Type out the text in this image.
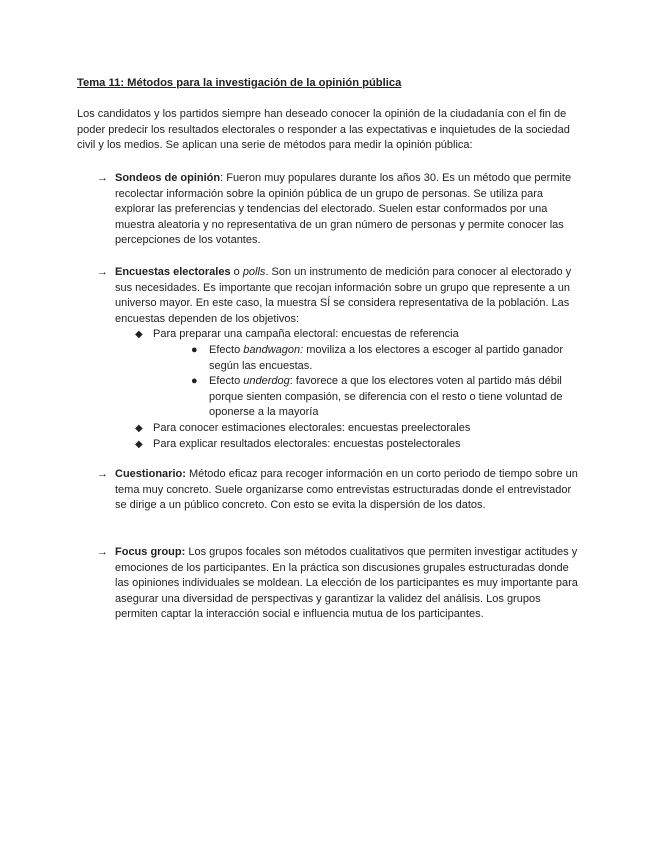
Tema 11: Métodos para la investigación de la opinión pública

Los candidatos y los partidos siempre han deseado conocer la opinión de la ciudadanía con el fin de poder predecir los resultados electorales o responder a las expectativas e inquietudes de la sociedad civil y los medios. Se aplican una serie de métodos para medir la opinión pública:

→ Sondeos de opinión: Fueron muy populares durante los años 30. Es un método que permite recolectar información sobre la opinión pública de un grupo de personas. Se utiliza para explorar las preferencias y tendencias del electorado. Suelen estar conformados por una muestra aleatoria y no representativa de un gran número de personas y permite conocer las percepciones de los votantes.
→ Encuestas electorales o polls. Son un instrumento de medición para conocer al electorado y sus necesidades. Es importante que recojan información sobre un grupo que represente a un universo mayor. En este caso, la muestra SÍ se considera representativa de la población. Las encuestas dependen de los objetivos:
◆ Para preparar una campaña electoral: encuestas de referencia
● Efecto bandwagon: moviliza a los electores a escoger al partido ganador según las encuestas.
● Efecto underdog: favorece a que los electores voten al partido más débil porque sienten compasión, se diferencia con el resto o tiene voluntad de oponerse a la mayoría
◆ Para conocer estimaciones electorales: encuestas preelectorales
◆ Para explicar resultados electorales: encuestas postelectorales
→ Cuestionario: Método eficaz para recoger información en un corto periodo de tiempo sobre un tema muy concreto. Suele organizarse como entrevistas estructuradas donde el entrevistador se dirige a un público concreto. Con esto se evita la dispersión de los datos.
→ Focus group: Los grupos focales son métodos cualitativos que permiten investigar actitudes y emociones de los participantes. En la práctica son discusiones grupales estructuradas donde las opiniones individuales se moldean. La elección de los participantes es muy importante para asegurar una diversidad de perspectivas y garantizar la validez del análisis. Los grupos permiten captar la interacción social e influencia mutua de los participantes.
